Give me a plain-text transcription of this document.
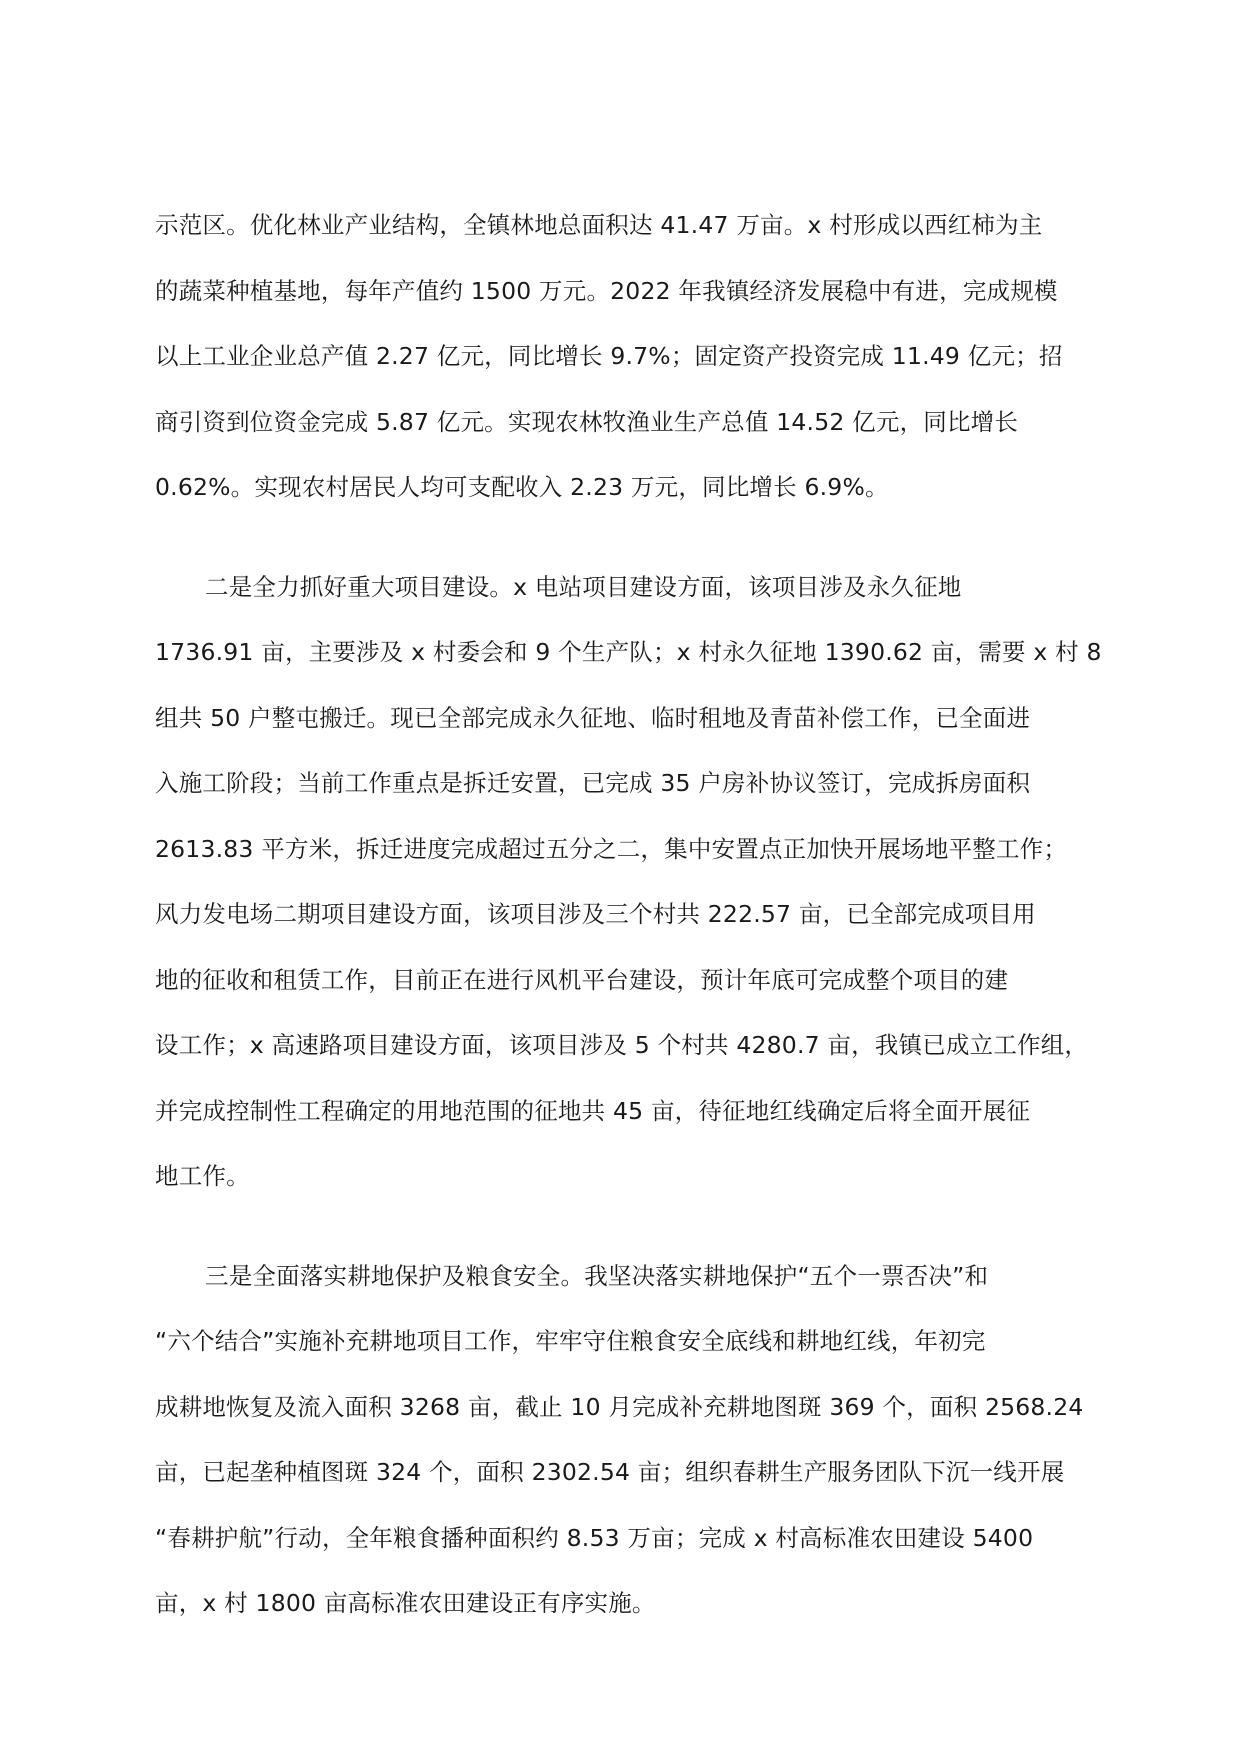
示范区。优化林业产业结构，全镇林地总面积达 41.47 万亩。x 村形成以西红柿为主
的蔬菜种植基地，每年产值约 1500 万元。2022 年我镇经济发展稳中有进，完成规模
以上工业企业总产值 2.27 亿元，同比增长 9.7%；固定资产投资完成 11.49 亿元；招
商引资到位资金完成 5.87 亿元。实现农林牧渔业生产总值 14.52 亿元，同比增长
0.62%。实现农村居民人均可支配收入 2.23 万元，同比增长 6.9%。
二是全力抓好重大项目建设。x 电站项目建设方面，该项目涉及永久征地
1736.91 亩，主要涉及 x 村委会和 9 个生产队；x 村永久征地 1390.62 亩，需要 x 村 8
组共 50 户整屯搬迁。现已全部完成永久征地、临时租地及青苗补偿工作，已全面进
入施工阶段；当前工作重点是拆迁安置，已完成 35 户房补协议签订，完成拆房面积
2613.83 平方米，拆迁进度完成超过五分之二，集中安置点正加快开展场地平整工作；
风力发电场二期项目建设方面，该项目涉及三个村共 222.57 亩，已全部完成项目用
地的征收和租赁工作，目前正在进行风机平台建设，预计年底可完成整个项目的建
设工作；x 高速路项目建设方面，该项目涉及 5 个村共 4280.7 亩，我镇已成立工作组，
并完成控制性工程确定的用地范围的征地共 45 亩，待征地红线确定后将全面开展征
地工作。
三是全面落实耕地保护及粮食安全。我坚决落实耕地保护“五个一票否决”和
“六个结合”实施补充耕地项目工作，牢牢守住粮食安全底线和耕地红线，年初完
成耕地恢复及流入面积 3268 亩，截止 10 月完成补充耕地图斑 369 个，面积 2568.24
亩，已起垄种植图斑 324 个，面积 2302.54 亩；组织春耕生产服务团队下沉一线开展
“春耕护航”行动，全年粮食播种面积约 8.53 万亩；完成 x 村高标准农田建设 5400
亩，x 村 1800 亩高标准农田建设正有序实施。
